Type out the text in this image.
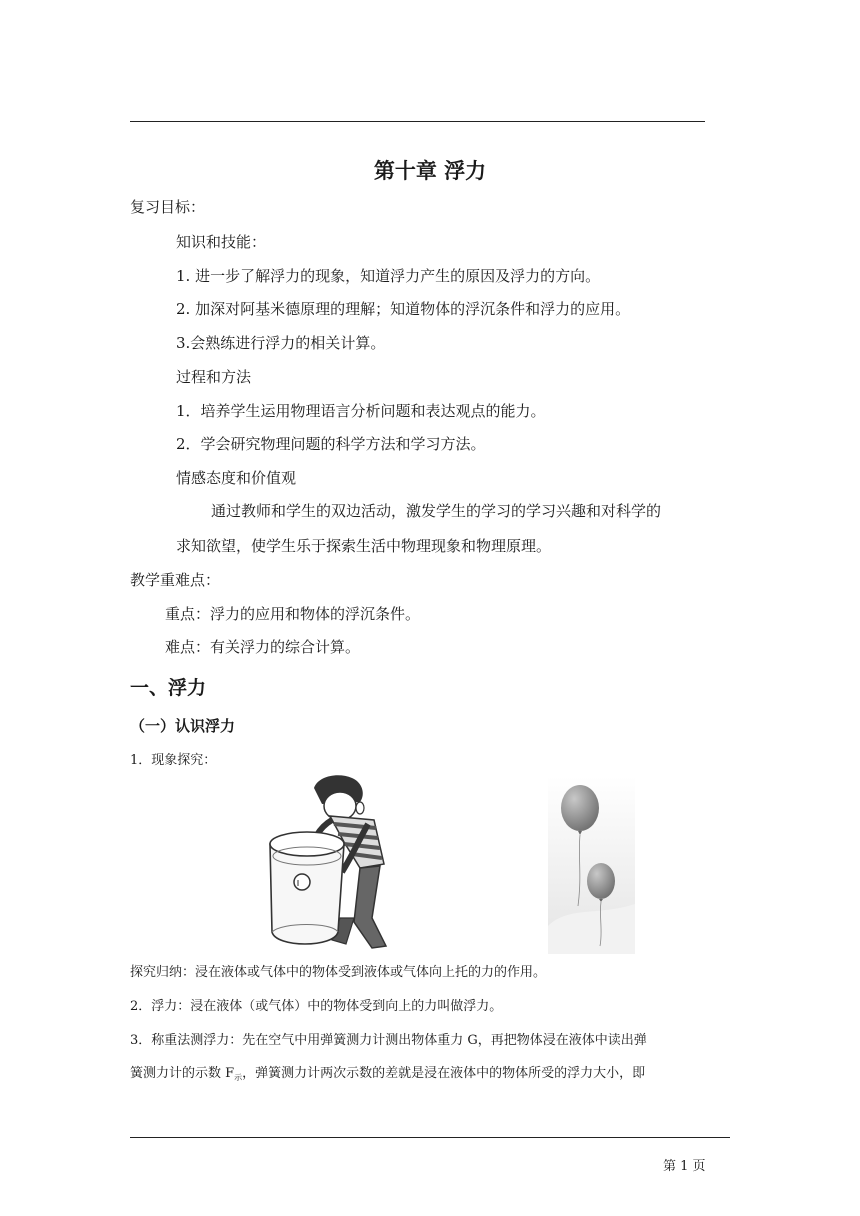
第十章 浮力
复习目标：
知识和技能：
1. 进一步了解浮力的现象，知道浮力产生的原因及浮力的方向。
2. 加深对阿基米德原理的理解；知道物体的浮沉条件和浮力的应用。
3.会熟练进行浮力的相关计算。
过程和方法
1．培养学生运用物理语言分析问题和表达观点的能力。
2．学会研究物理问题的科学方法和学习方法。
情感态度和价值观
通过教师和学生的双边活动，激发学生的学习的学习兴趣和对科学的
求知欲望，使学生乐于探索生活中物理现象和物理原理。
教学重难点：
重点：浮力的应用和物体的浮沉条件。
难点：有关浮力的综合计算。
一、浮力
（一）认识浮力
1．现象探究：
探究归纳：浸在液体或气体中的物体受到液体或气体向上托的力的作用。
2．浮力：浸在液体（或气体）中的物体受到向上的力叫做浮力。
3．称重法测浮力：先在空气中用弹簧测力计测出物体重力 G，再把物体浸在液体中读出弹
簧测力计的示数 $F_示$，弹簧测力计两次示数的差就是浸在液体中的物体所受的浮力大小，即
第 1 页
